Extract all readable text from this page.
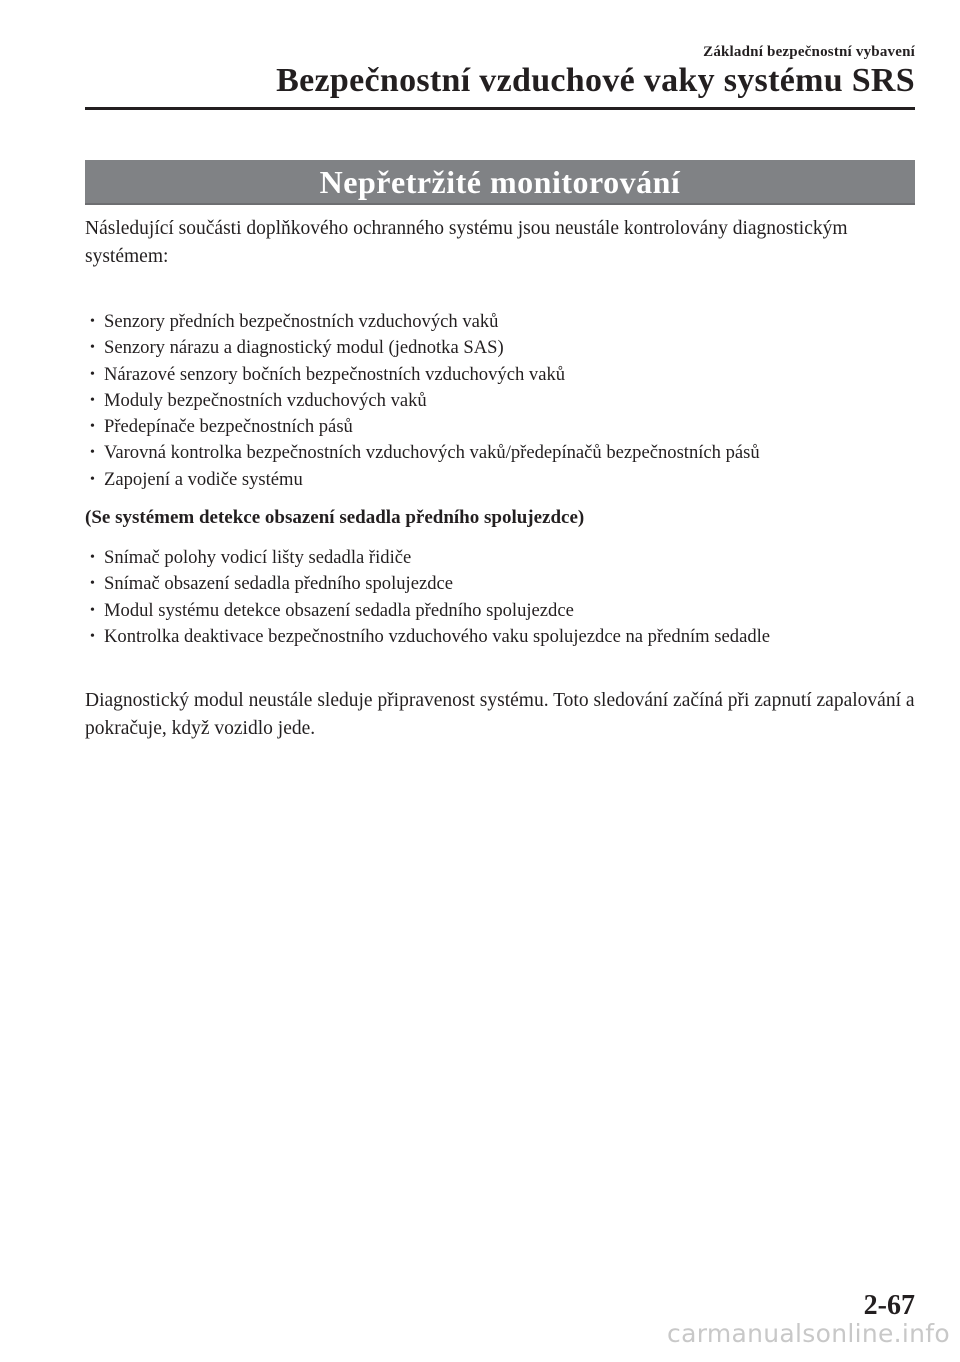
Základní bezpečnostní vybavení
Bezpečnostní vzduchové vaky systému SRS
Nepřetržité monitorování
Následující součásti doplňkového ochranného systému jsou neustále kontrolovány diagnostickým systémem:
• Senzory předních bezpečnostních vzduchových vaků
• Senzory nárazu a diagnostický modul (jednotka SAS)
• Nárazové senzory bočních bezpečnostních vzduchových vaků
• Moduly bezpečnostních vzduchových vaků
• Předepínače bezpečnostních pásů
• Varovná kontrolka bezpečnostních vzduchových vaků/předepínačů bezpečnostních pásů
• Zapojení a vodiče systému
(Se systémem detekce obsazení sedadla předního spolujezdce)
• Snímač polohy vodicí lišty sedadla řidiče
• Snímač obsazení sedadla předního spolujezdce
• Modul systému detekce obsazení sedadla předního spolujezdce
• Kontrolka deaktivace bezpečnostního vzduchového vaku spolujezdce na předním sedadle
Diagnostický modul neustále sleduje připravenost systému. Toto sledování začíná při zapnutí zapalování a pokračuje, když vozidlo jede.
2-67
carmanualsonline.info
